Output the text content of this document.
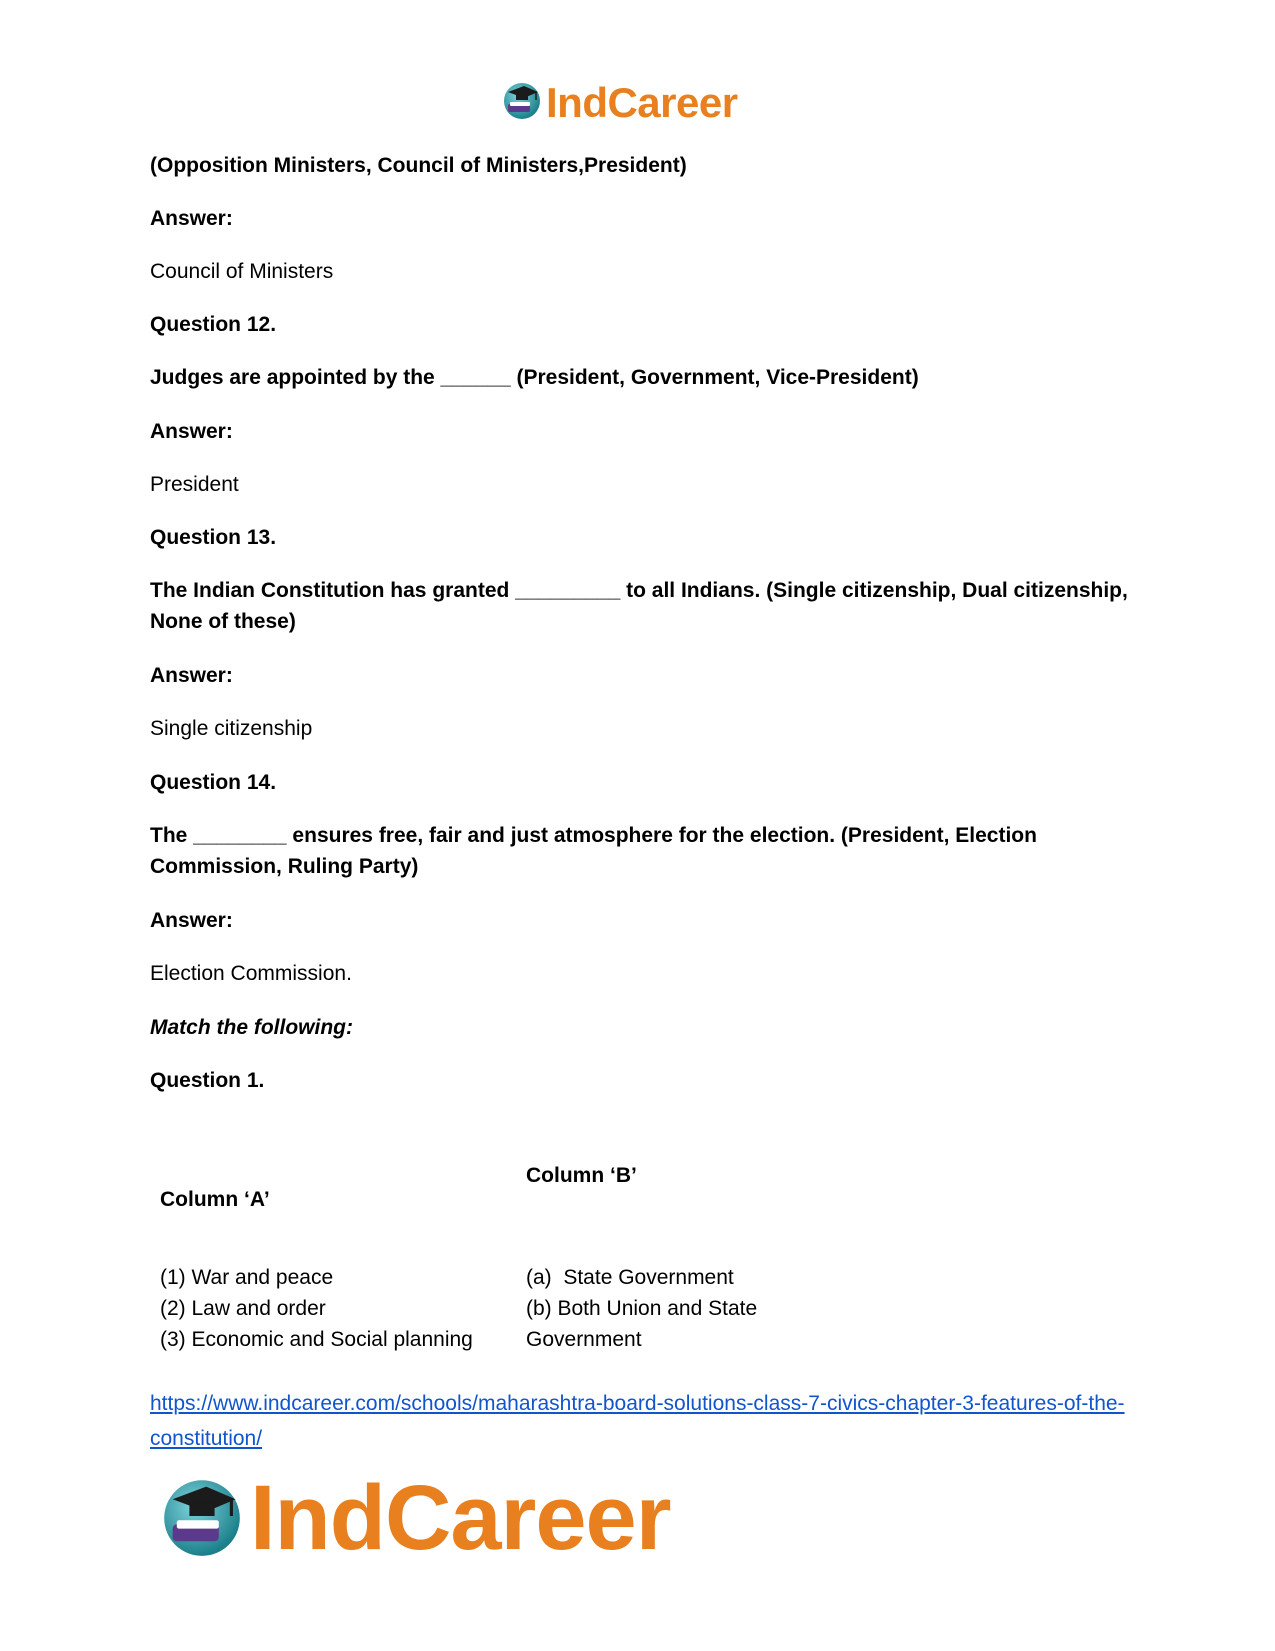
IndCareer

(Opposition Ministers, Council of Ministers,President)

Answer:

Council of Ministers

Question 12.

Judges are appointed by the ______ (President, Government, Vice-President)

Answer:

President

Question 13.

The Indian Constitution has granted _________ to all Indians. (Single citizenship, Dual citizenship, None of these)

Answer:

Single citizenship

Question 14.

The ________ ensures free, fair and just atmosphere for the election. (President, Election Commission, Ruling Party)

Answer:

Election Commission.

Match the following:

Question 1.

Column ‘A’
Column ‘B’
(1) War and peace
(2) Law and order
(3) Economic and Social planning
(a)  State Government
(b) Both Union and State
Government
https://www.indcareer.com/schools/maharashtra-board-solutions-class-7-civics-chapter-3-features-of-the-constitution/
IndCareer
